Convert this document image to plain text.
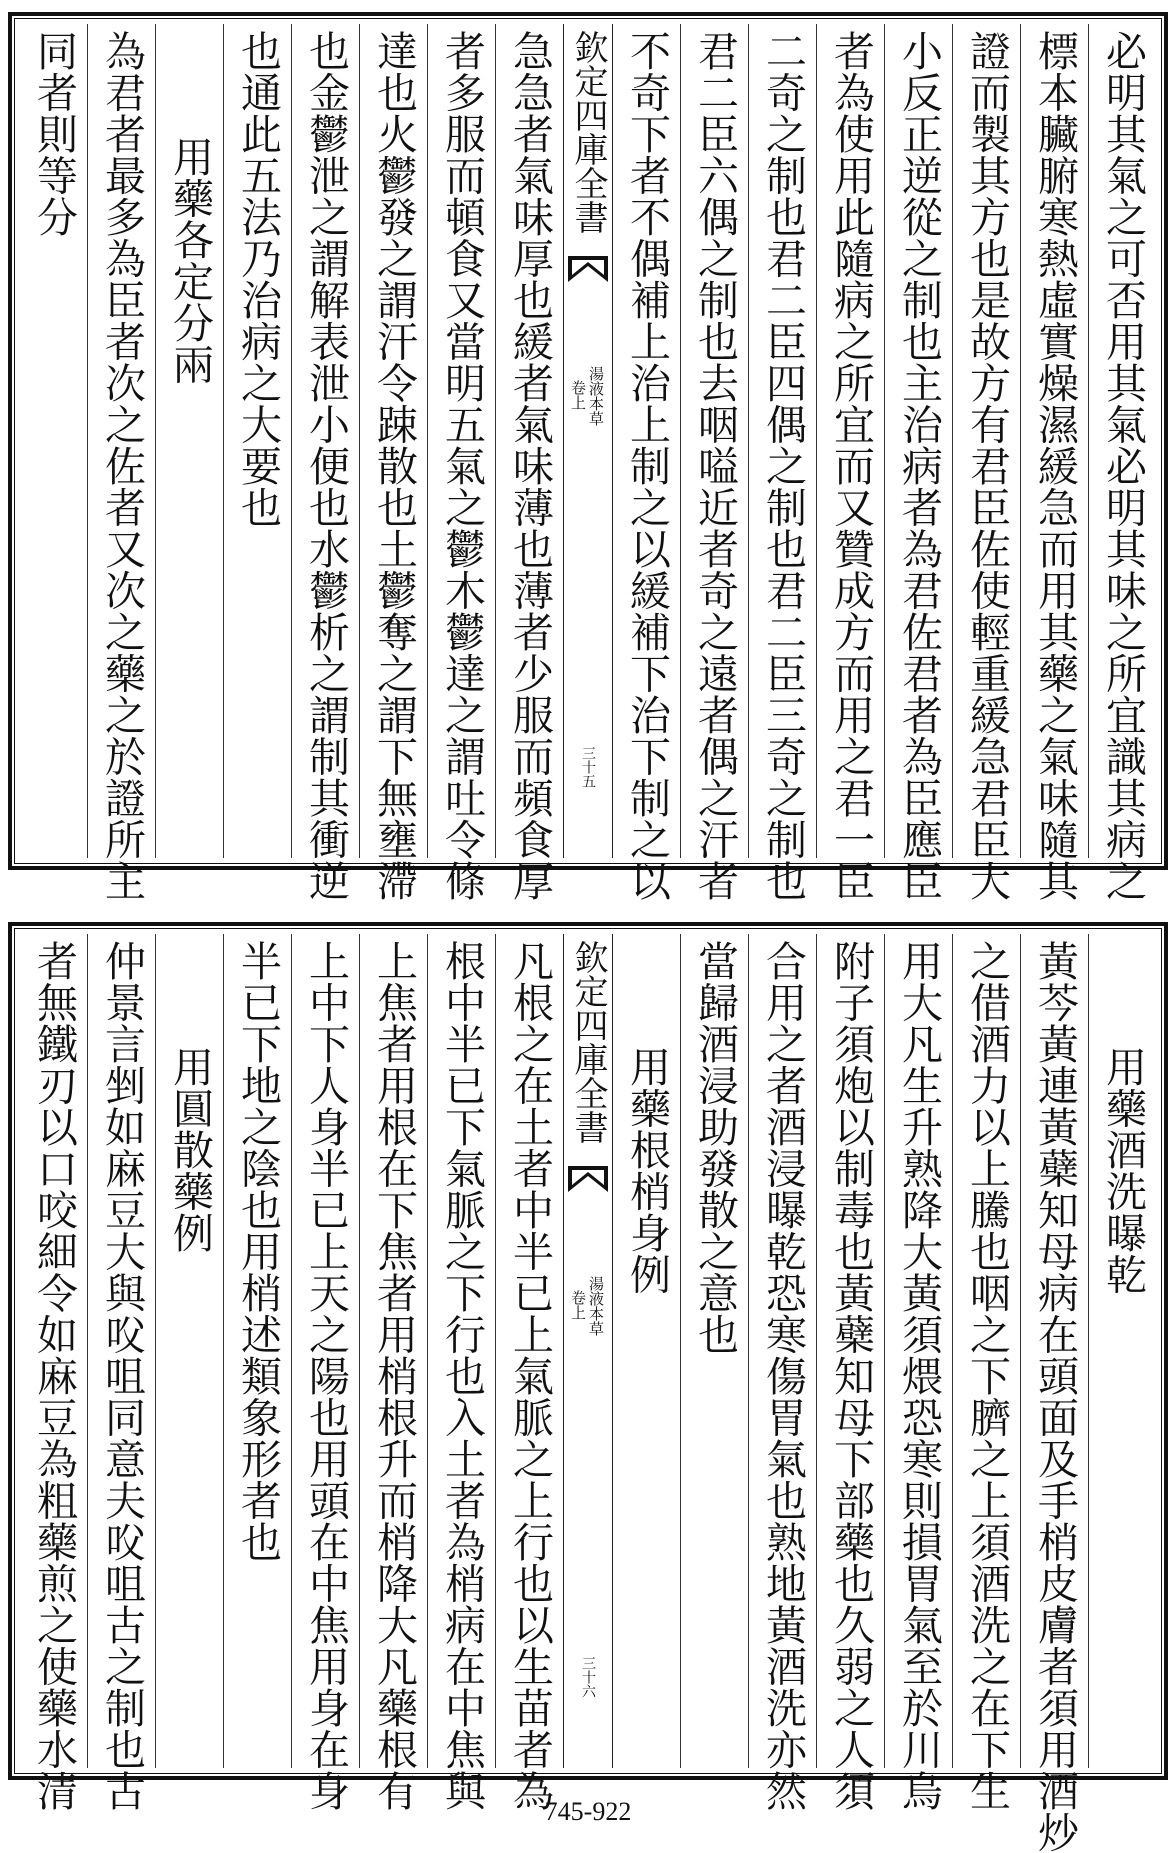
必明其氣之可否用其氣必明其味之所宜識其病之
標本臟腑寒熱虛實燥濕緩急而用其藥之氣味隨其
證而製其方也是故方有君臣佐使輕重緩急君臣大
小反正逆從之制也主治病者為君佐君者為臣應臣
者為使用此隨病之所宜而又贊成方而用之君一臣
二奇之制也君二臣四偶之制也君二臣三奇之制也
君二臣六偶之制也去咽嗌近者奇之遠者偶之汗者
不奇下者不偶補上治上制之以緩補下治下制之以
欽定四庫全書
湯液本草
卷上
三十五
急急者氣味厚也緩者氣味薄也薄者少服而頻食厚
者多服而頓食又當明五氣之鬱木鬱達之謂吐令條
達也火鬱發之謂汗令踈散也土鬱奪之謂下無壅滯
也金鬱泄之謂解表泄小便也水鬱析之謂制其衝逆
也通此五法乃治病之大要也
用藥各定分兩
為君者最多為臣者次之佐者又次之藥之於證所主
同者則等分
用藥酒洗曝乾
黃芩黃連黃蘗知母病在頭面及手梢皮膚者須用酒炒
之借酒力以上騰也咽之下臍之上須酒洗之在下生
用大凡生升熟降大黃須煨恐寒則損胃氣至於川烏
附子須炮以制毒也黃蘗知母下部藥也久弱之人須
合用之者酒浸曝乾恐寒傷胃氣也熟地黃酒洗亦然
當歸酒浸助發散之意也
用藥根梢身例
欽定四庫全書
湯液本草
卷上
三十六
凡根之在土者中半已上氣脈之上行也以生苗者為
根中半已下氣脈之下行也入土者為梢病在中焦與
上焦者用根在下焦者用梢根升而梢降大凡藥根有
上中下人身半已上天之陽也用頭在中焦用身在身
半已下地之陰也用梢述類象形者也
用圓散藥例
仲景言剉如麻豆大與㕮咀同意夫㕮咀古之制也古
者無鐵刃以口咬細令如麻豆為粗藥煎之使藥水清	745-922
